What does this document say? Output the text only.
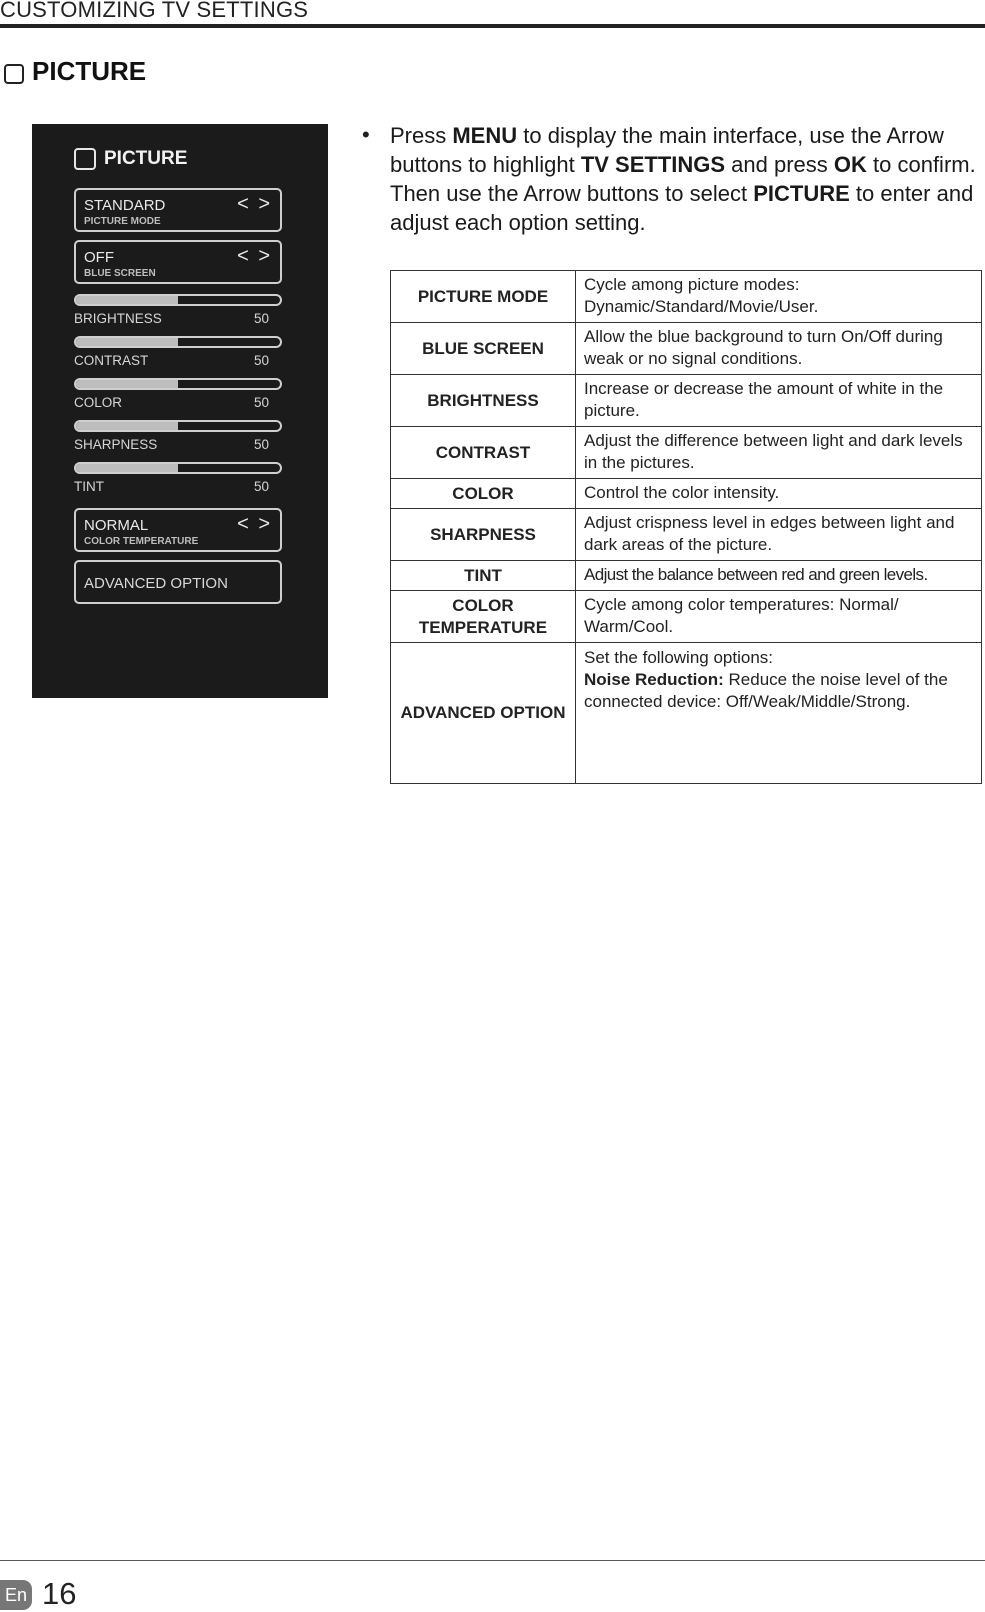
CUSTOMIZING TV SETTINGS
PICTURE
PICTURE
STANDARD
PICTURE MODE
< >
OFF
BLUE SCREEN
< >
BRIGHTNESS	50
CONTRAST	50
COLOR	50
SHARPNESS	50
TINT	50
NORMAL
COLOR TEMPERATURE
< >
ADVANCED OPTION
• Press MENU to display the main interface, use the Arrow buttons to highlight TV SETTINGS and press OK to confirm. Then use the Arrow buttons to select PICTURE to enter and adjust each option setting.
PICTURE MODE	Cycle among picture modes: Dynamic/Standard/Movie/User.
BLUE SCREEN	Allow the blue background to turn On/Off during weak or no signal conditions.
BRIGHTNESS	Increase or decrease the amount of white in the picture.
CONTRAST	Adjust the difference between light and dark levels in the pictures.
COLOR	Control the color intensity.
SHARPNESS	Adjust crispness level in edges between light and dark areas of the picture.
TINT	Adjust the balance between red and green levels.
COLOR TEMPERATURE	Cycle among color temperatures: Normal/ Warm/Cool.
ADVANCED OPTION	Set the following options:
Noise Reduction: Reduce the noise level of the connected device: Off/Weak/Middle/Strong.
En 16
